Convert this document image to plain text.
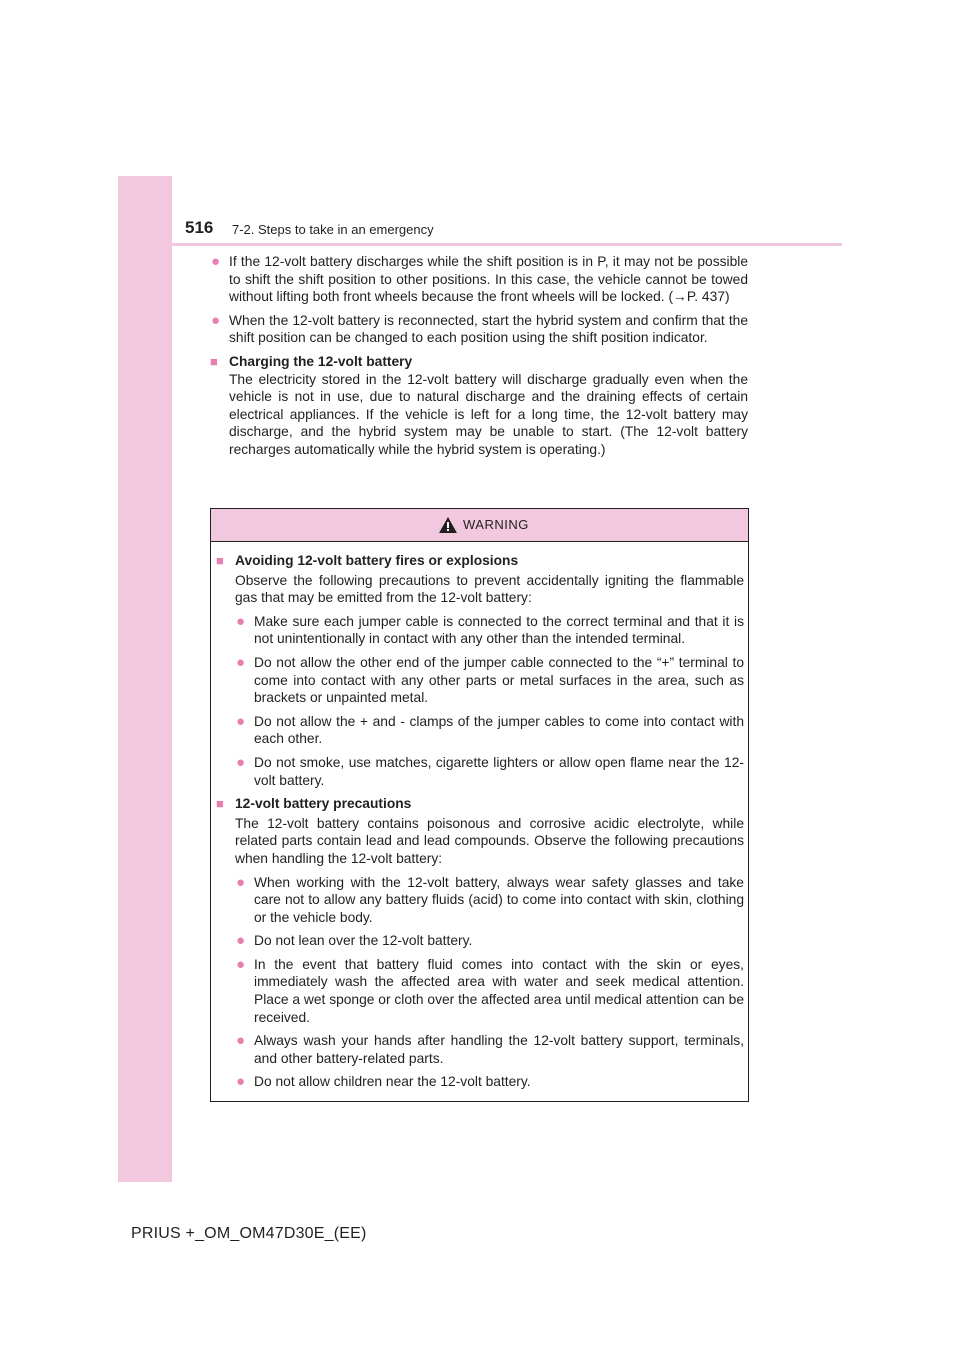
516 7-2. Steps to take in an emergency
● If the 12-volt battery discharges while the shift position is in P, it may not be possible to shift the shift position to other positions. In this case, the vehicle cannot be towed without lifting both front wheels because the front wheels will be locked. (→P. 437)
● When the 12-volt battery is reconnected, start the hybrid system and confirm that the shift position can be changed to each position using the shift position indicator.
■ Charging the 12-volt battery
The electricity stored in the 12-volt battery will discharge gradually even when the vehicle is not in use, due to natural discharge and the draining effects of certain electrical appliances. If the vehicle is left for a long time, the 12-volt battery may discharge, and the hybrid system may be unable to start. (The 12-volt battery recharges automatically while the hybrid system is operating.)
WARNING
■ Avoiding 12-volt battery fires or explosions
Observe the following precautions to prevent accidentally igniting the flammable gas that may be emitted from the 12-volt battery:
● Make sure each jumper cable is connected to the correct terminal and that it is not unintentionally in contact with any other than the intended terminal.
● Do not allow the other end of the jumper cable connected to the “+” terminal to come into contact with any other parts or metal surfaces in the area, such as brackets or unpainted metal.
● Do not allow the + and - clamps of the jumper cables to come into contact with each other.
● Do not smoke, use matches, cigarette lighters or allow open flame near the 12-volt battery.
■ 12-volt battery precautions
The 12-volt battery contains poisonous and corrosive acidic electrolyte, while related parts contain lead and lead compounds. Observe the following precautions when handling the 12-volt battery:
● When working with the 12-volt battery, always wear safety glasses and take care not to allow any battery fluids (acid) to come into contact with skin, clothing or the vehicle body.
● Do not lean over the 12-volt battery.
● In the event that battery fluid comes into contact with the skin or eyes, immediately wash the affected area with water and seek medical attention. Place a wet sponge or cloth over the affected area until medical attention can be received.
● Always wash your hands after handling the 12-volt battery support, terminals, and other battery-related parts.
● Do not allow children near the 12-volt battery.
PRIUS +_OM_OM47D30E_(EE)
